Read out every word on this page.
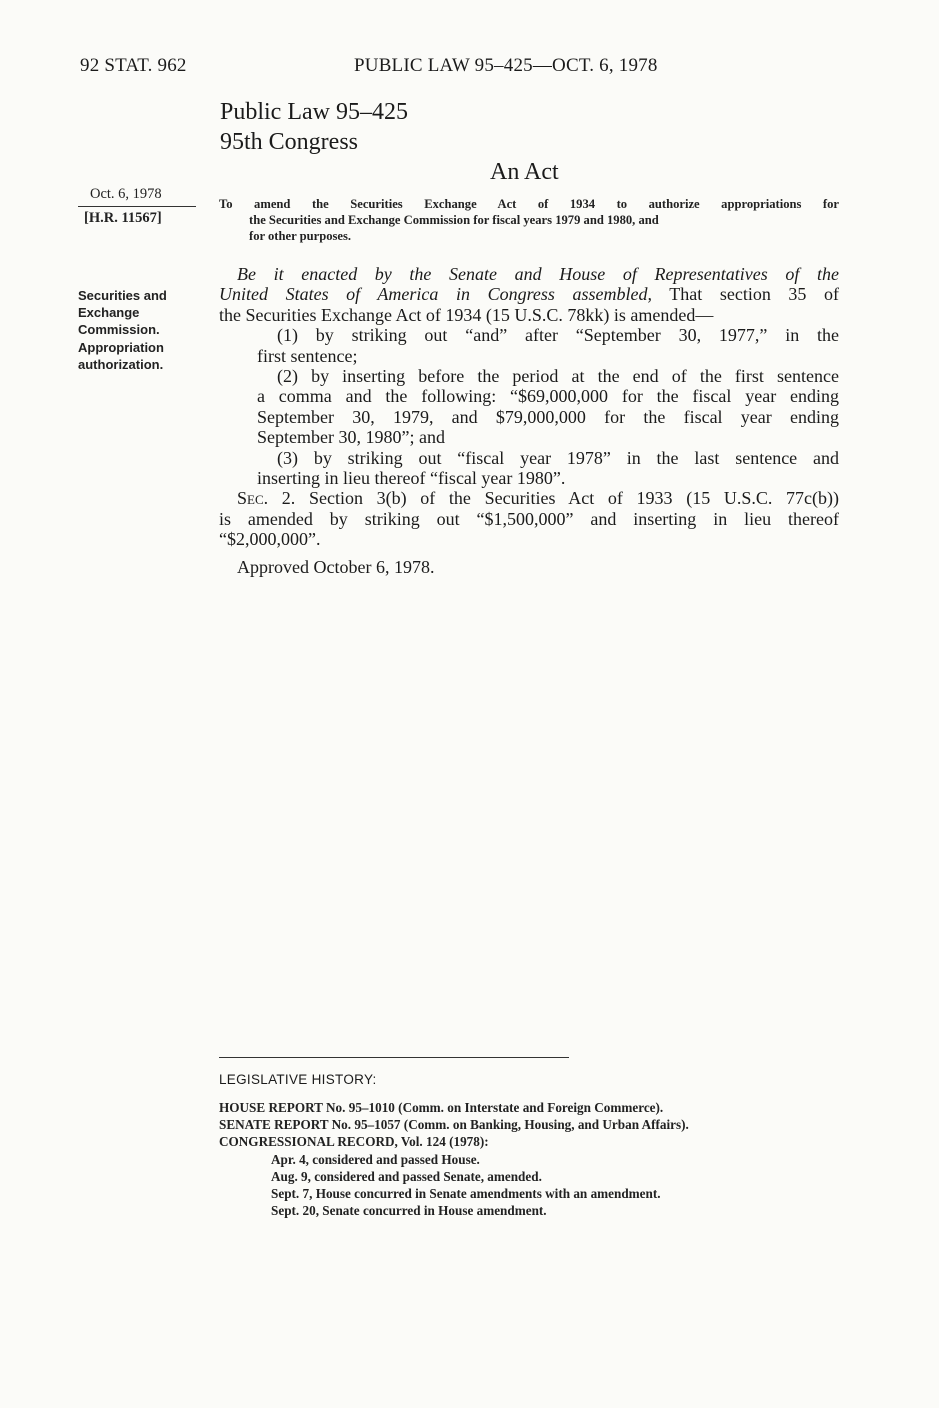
92 STAT. 962	PUBLIC LAW 95–425—OCT. 6, 1978
Public Law 95–425
95th Congress
An Act
Oct. 6, 1978
[H.R. 11567]
Securities and
Exchange
Commission.
Appropriation
authorization.
To amend the Securities Exchange Act of 1934 to authorize appropriations for
the Securities and Exchange Commission for fiscal years 1979 and 1980, and
for other purposes.
Be it enacted by the Senate and House of Representatives of the
United States of America in Congress assembled, That section 35 of
the Securities Exchange Act of 1934 (15 U.S.C. 78kk) is amended—
(1) by striking out “and” after “September 30, 1977,” in the
first sentence;
(2) by inserting before the period at the end of the first sentence
a comma and the following: “$69,000,000 for the fiscal year ending
September 30, 1979, and $79,000,000 for the fiscal year ending
September 30, 1980”; and
(3) by striking out “fiscal year 1978” in the last sentence and
inserting in lieu thereof “fiscal year 1980”.
Sec. 2. Section 3(b) of the Securities Act of 1933 (15 U.S.C. 77c(b))
is amended by striking out “$1,500,000” and inserting in lieu thereof
“$2,000,000”.
Approved October 6, 1978.
LEGISLATIVE HISTORY:
HOUSE REPORT No. 95–1010 (Comm. on Interstate and Foreign Commerce).
SENATE REPORT No. 95–1057 (Comm. on Banking, Housing, and Urban Affairs).
CONGRESSIONAL RECORD, Vol. 124 (1978):
Apr. 4, considered and passed House.
Aug. 9, considered and passed Senate, amended.
Sept. 7, House concurred in Senate amendments with an amendment.
Sept. 20, Senate concurred in House amendment.
